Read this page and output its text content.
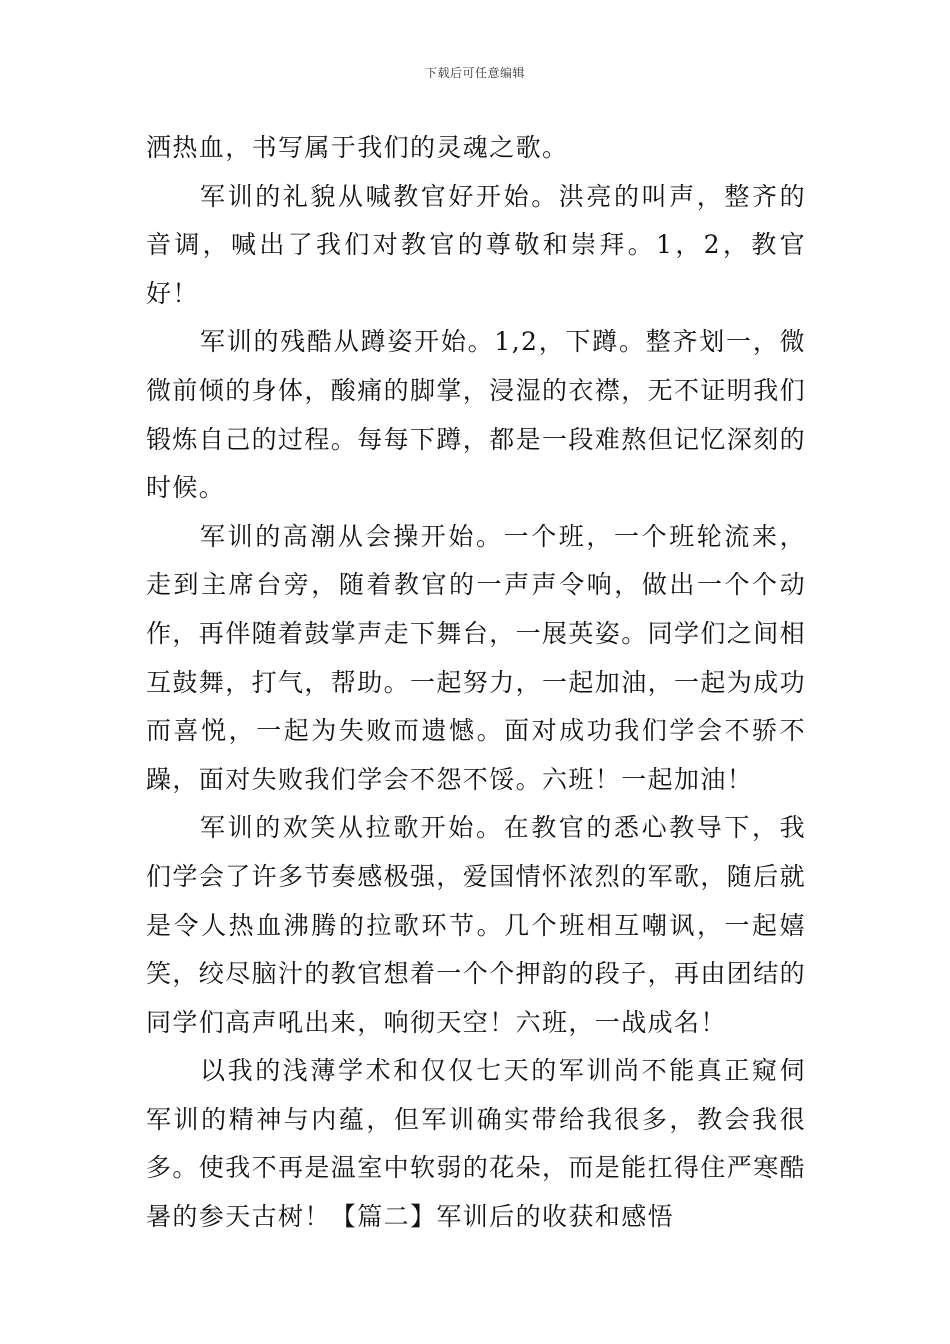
下载后可任意编辑

洒热血，书写属于我们的灵魂之歌。

军训的礼貌从喊教官好开始。洪亮的叫声，整齐的音调，喊出了我们对教官的尊敬和崇拜。1，2，教官好！

军训的残酷从蹲姿开始。1,2，下蹲。整齐划一，微微前倾的身体，酸痛的脚掌，浸湿的衣襟，无不证明我们锻炼自己的过程。每每下蹲，都是一段难熬但记忆深刻的时候。

军训的高潮从会操开始。一个班，一个班轮流来，走到主席台旁，随着教官的一声声令响，做出一个个动作，再伴随着鼓掌声走下舞台，一展英姿。同学们之间相互鼓舞，打气，帮助。一起努力，一起加油，一起为成功而喜悦，一起为失败而遗憾。面对成功我们学会不骄不躁，面对失败我们学会不怨不馁。六班！一起加油！

军训的欢笑从拉歌开始。在教官的悉心教导下，我们学会了许多节奏感极强，爱国情怀浓烈的军歌，随后就是令人热血沸腾的拉歌环节。几个班相互嘲讽，一起嬉笑，绞尽脑汁的教官想着一个个押韵的段子，再由团结的同学们高声吼出来，响彻天空！六班，一战成名！

以我的浅薄学术和仅仅七天的军训尚不能真正窥伺军训的精神与内蕴，但军训确实带给我很多，教会我很多。使我不再是温室中软弱的花朵，而是能扛得住严寒酷暑的参天古树！【篇二】军训后的收获和感悟
